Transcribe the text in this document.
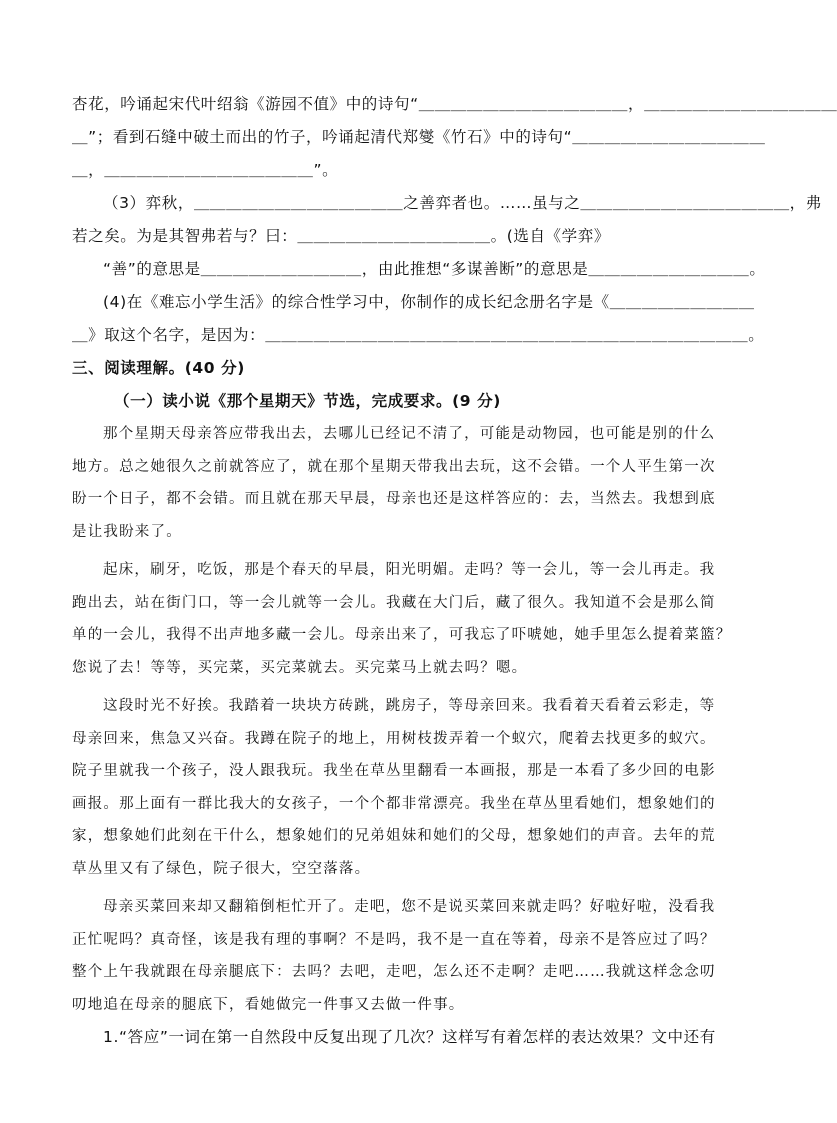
杏花，吟诵起宋代叶绍翁《游园不值》中的诗句“＿＿＿＿＿＿＿＿＿＿＿＿＿，＿＿＿＿＿＿＿＿＿＿＿＿
＿”；看到石缝中破土而出的竹子，吟诵起清代郑燮《竹石》中的诗句“＿＿＿＿＿＿＿＿＿＿＿＿
＿，＿＿＿＿＿＿＿＿＿＿＿＿＿”。
（3）弈秋，＿＿＿＿＿＿＿＿＿＿＿＿＿之善弈者也。……虽与之＿＿＿＿＿＿＿＿＿＿＿＿＿，弗
若之矣。为是其智弗若与？曰：＿＿＿＿＿＿＿＿＿＿＿＿。(选自《学弈》
“善”的意思是＿＿＿＿＿＿＿＿＿＿，由此推想“多谋善断”的意思是＿＿＿＿＿＿＿＿＿＿。
(4)在《难忘小学生活》的综合性学习中，你制作的成长纪念册名字是《＿＿＿＿＿＿＿＿＿
＿》取这个名字，是因为：＿＿＿＿＿＿＿＿＿＿＿＿＿＿＿＿＿＿＿＿＿＿＿＿＿＿＿＿＿＿。
三、阅读理解。(40 分)
（一）读小说《那个星期天》节选，完成要求。(9 分)
那个星期天母亲答应带我出去，去哪儿已经记不清了，可能是动物园，也可能是别的什么
地方。总之她很久之前就答应了，就在那个星期天带我出去玩，这不会错。一个人平生第一次
盼一个日子，都不会错。而且就在那天早晨，母亲也还是这样答应的：去，当然去。我想到底
是让我盼来了。
起床，刷牙，吃饭，那是个春天的早晨，阳光明媚。走吗？等一会儿，等一会儿再走。我
跑出去，站在街门口，等一会儿就等一会儿。我藏在大门后，藏了很久。我知道不会是那么简
单的一会儿，我得不出声地多藏一会儿。母亲出来了，可我忘了吓唬她，她手里怎么提着菜篮？
您说了去！等等，买完菜，买完菜就去。买完菜马上就去吗？嗯。
这段时光不好挨。我踏着一块块方砖跳，跳房子，等母亲回来。我看着天看着云彩走，等
母亲回来，焦急又兴奋。我蹲在院子的地上，用树枝拨弄着一个蚁穴，爬着去找更多的蚁穴。
院子里就我一个孩子，没人跟我玩。我坐在草丛里翻看一本画报，那是一本看了多少回的电影
画报。那上面有一群比我大的女孩子，一个个都非常漂亮。我坐在草丛里看她们，想象她们的
家，想象她们此刻在干什么，想象她们的兄弟姐妹和她们的父母，想象她们的声音。去年的荒
草丛里又有了绿色，院子很大，空空落落。
母亲买菜回来却又翻箱倒柜忙开了。走吧，您不是说买菜回来就走吗？好啦好啦，没看我
正忙呢吗？真奇怪，该是我有理的事啊？不是吗，我不是一直在等着，母亲不是答应过了吗？
整个上午我就跟在母亲腿底下：去吗？去吧，走吧，怎么还不走啊？走吧……我就这样念念叨
叨地追在母亲的腿底下，看她做完一件事又去做一件事。
1.“答应”一词在第一自然段中反复出现了几次？这样写有着怎样的表达效果？文中还有
